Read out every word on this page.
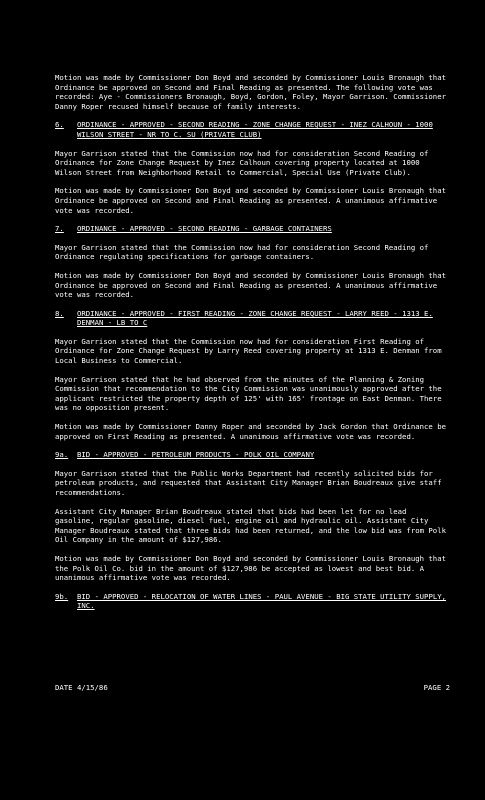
Motion was made by Commissioner Don Boyd and seconded by Commissioner Louis Bronaugh that Ordinance be approved on Second and Final Reading as presented. The following vote was recorded: Aye - Commissioners Bronaugh, Boyd, Gordon, Foley, Mayor Garrison. Commissioner Danny Roper recused himself because of family interests.

6.	ORDINANCE - APPROVED - SECOND READING - ZONE CHANGE REQUEST - INEZ CALHOUN - 1000 WILSON STREET - NR TO C. SU (PRIVATE CLUB)

Mayor Garrison stated that the Commission now had for consideration Second Reading of Ordinance for Zone Change Request by Inez Calhoun covering property located at 1000 Wilson Street from Neighborhood Retail to Commercial, Special Use (Private Club).

Motion was made by Commissioner Don Boyd and seconded by Commissioner Louis Bronaugh that Ordinance be approved on Second and Final Reading as presented. A unanimous affirmative vote was recorded.

7.	ORDINANCE - APPROVED - SECOND READING - GARBAGE CONTAINERS

Mayor Garrison stated that the Commission now had for consideration Second Reading of Ordinance regulating specifications for garbage containers.

Motion was made by Commissioner Don Boyd and seconded by Commissioner Louis Bronaugh that Ordinance be approved on Second and Final Reading as presented. A unanimous affirmative vote was recorded.

8.	ORDINANCE - APPROVED - FIRST READING - ZONE CHANGE REQUEST - LARRY REED - 1313 E. DENMAN - LB TO C

Mayor Garrison stated that the Commission now had for consideration First Reading of Ordinance for Zone Change Request by Larry Reed covering property at 1313 E. Denman from Local Business to Commercial.

Mayor Garrison stated that he had observed from the minutes of the Planning & Zoning Commission that recommendation to the City Commission was unanimously approved after the applicant restricted the property depth of 125' with 165' frontage on East Denman. There was no opposition present.

Motion was made by Commissioner Danny Roper and seconded by Jack Gordon that Ordinance be approved on First Reading as presented. A unanimous affirmative vote was recorded.

9a.	BID - APPROVED - PETROLEUM PRODUCTS - POLK OIL COMPANY

Mayor Garrison stated that the Public Works Department had recently solicited bids for petroleum products, and requested that Assistant City Manager Brian Boudreaux give staff recommendations.

Assistant City Manager Brian Boudreaux stated that bids had been let for no lead gasoline, regular gasoline, diesel fuel, engine oil and hydraulic oil. Assistant City Manager Boudreaux stated that three bids had been returned, and the low bid was from Polk Oil Company in the amount of $127,986.

Motion was made by Commissioner Don Boyd and seconded by Commissioner Louis Bronaugh that the Polk Oil Co. bid in the amount of $127,986 be accepted as lowest and best bid. A unanimous affirmative vote was recorded.

9b.	BID - APPROVED - RELOCATION OF WATER LINES - PAUL AVENUE - BIG STATE UTILITY SUPPLY, INC.
DATE 4/15/86	PAGE 2
